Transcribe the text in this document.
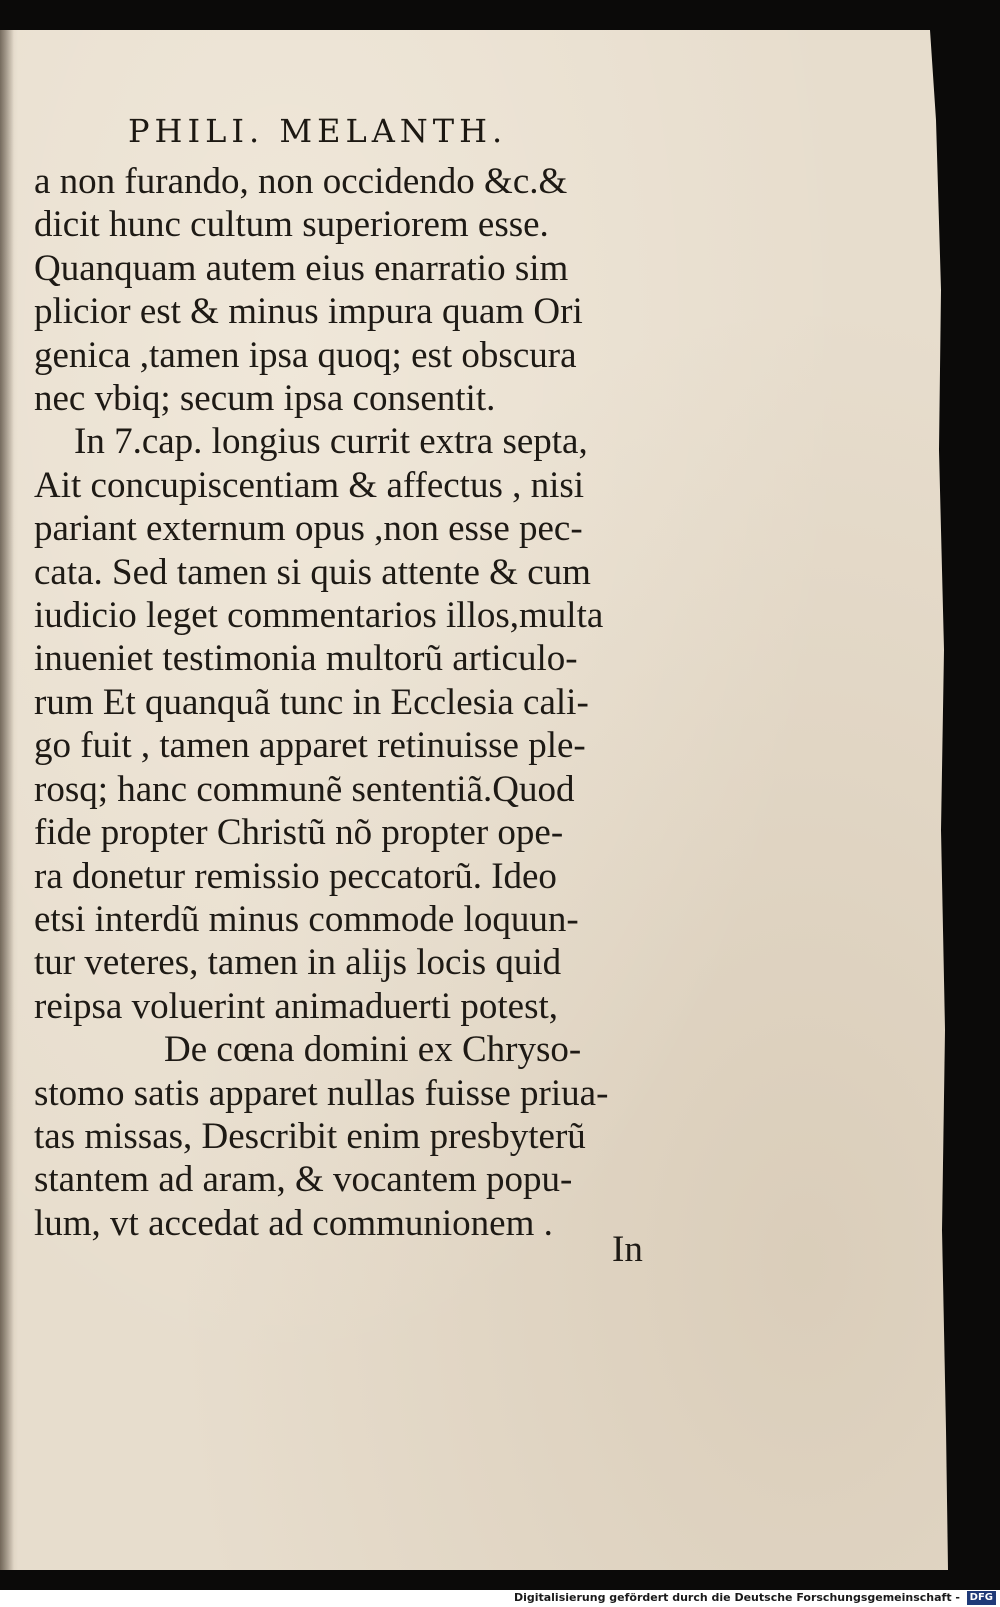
PHILI. MELANTH.
a non furando, non occidendo &c.&
dicit hunc cultum superiorem esse.
Quanquam autem eius enarratio sim
plicior est & minus impura quam Ori
genica ,tamen ipsa quoq; est obscura
nec vbiq; secum ipsa consentit.
In 7.cap. longius currit extra septa,
Ait concupiscentiam & affectus , nisi
pariant externum opus ,non esse pec-
cata. Sed tamen si quis attente & cum
iudicio leget commentarios illos,multa
inueniet testimonia multorũ articulo-
rum Et quanquã tunc in Ecclesia cali-
go fuit , tamen apparet retinuisse ple-
rosq; hanc communẽ sententiã.Quod
fide propter Christũ nõ propter ope-
ra donetur remissio peccatorũ. Ideo
etsi interdũ minus commode loquun-
tur veteres, tamen in alijs locis quid
reipsa voluerint animaduerti potest,
De cœna domini ex Chryso-
stomo satis apparet nullas fuisse priua-
tas missas, Describit enim presbyterũ
stantem ad aram, & vocantem popu-
lum, vt accedat ad communionem .
In
Digitalisierung gefördert durch die Deutsche Forschungsgemeinschaft - DFG
